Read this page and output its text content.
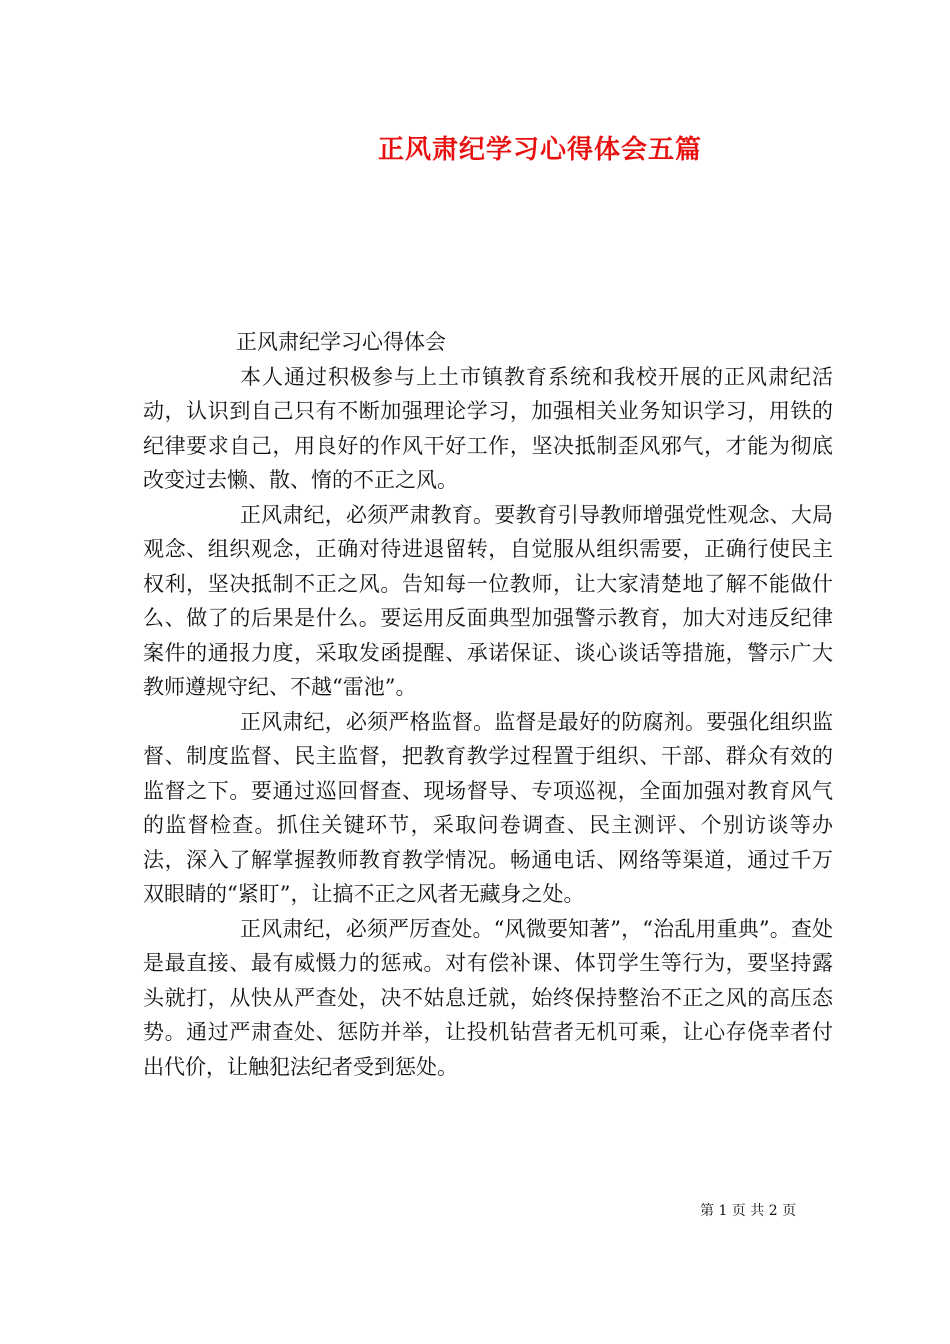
正风肃纪学习心得体会五篇

正风肃纪学习心得体会

本人通过积极参与上土市镇教育系统和我校开展的正风肃纪活动，认识到自己只有不断加强理论学习，加强相关业务知识学习，用铁的纪律要求自己，用良好的作风干好工作，坚决抵制歪风邪气，才能为彻底改变过去懒、散、惰的不正之风。

正风肃纪，必须严肃教育。要教育引导教师增强党性观念、大局观念、组织观念，正确对待进退留转，自觉服从组织需要，正确行使民主权利，坚决抵制不正之风。告知每一位教师，让大家清楚地了解不能做什么、做了的后果是什么。要运用反面典型加强警示教育，加大对违反纪律案件的通报力度，采取发函提醒、承诺保证、谈心谈话等措施，警示广大教师遵规守纪、不越“雷池”。

正风肃纪，必须严格监督。监督是最好的防腐剂。要强化组织监督、制度监督、民主监督，把教育教学过程置于组织、干部、群众有效的监督之下。要通过巡回督查、现场督导、专项巡视，全面加强对教育风气的监督检查。抓住关键环节，采取问卷调查、民主测评、个别访谈等办法，深入了解掌握教师教育教学情况。畅通电话、网络等渠道，通过千万双眼睛的“紧盯”，让搞不正之风者无藏身之处。

正风肃纪，必须严厉查处。“风微要知著”，“治乱用重典”。查处是最直接、最有威慑力的惩戒。对有偿补课、体罚学生等行为，要坚持露头就打，从快从严查处，决不姑息迁就，始终保持整治不正之风的高压态势。通过严肃查处、惩防并举，让投机钻营者无机可乘，让心存侥幸者付出代价，让触犯法纪者受到惩处。

第 1 页 共 2 页
